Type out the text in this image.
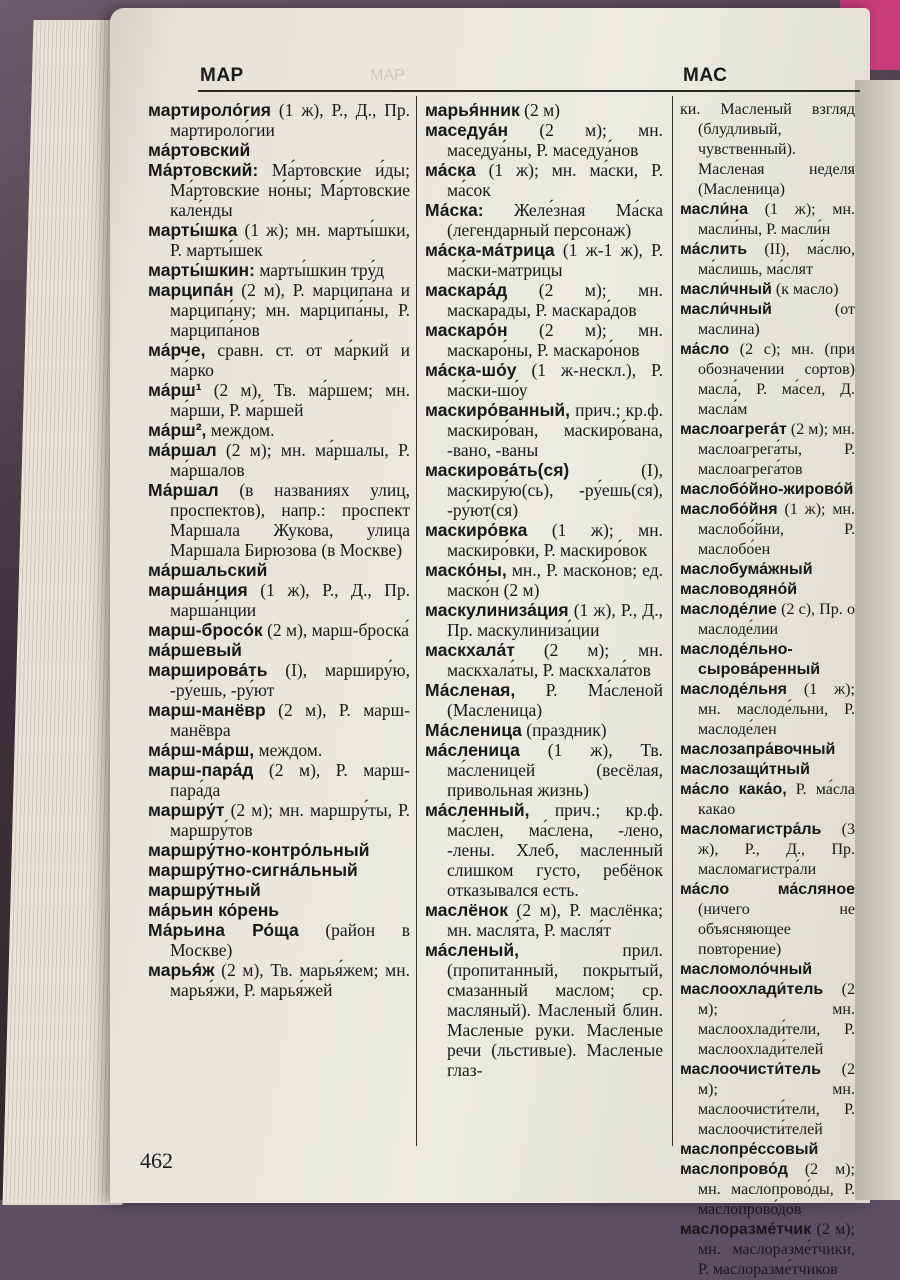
МАР	МАР	МАС

мартироло́гия (1 ж), Р., Д., Пр. мартироло́гии

ма́ртовский

Ма́ртовский: Ма́ртовские и́ды; Ма́ртовские но́ны; Ма́ртовские кале́нды

марты́шка (1 ж); мн. марты́шки, Р. марты́шек

марты́шкин: марты́шкин тру́д

марципа́н (2 м), Р. марципа́на и марципа́ну; мн. марципа́ны, Р. марципа́нов

ма́рче, сравн. ст. от ма́ркий и ма́рко

ма́рш¹ (2 м), Тв. ма́ршем; мн. ма́рши, Р. ма́ршей

ма́рш², междом.

ма́ршал (2 м); мн. ма́ршалы, Р. ма́ршалов

Ма́ршал (в названиях улиц, проспектов), напр.: проспект Маршала Жукова, улица Маршала Бирюзова (в Москве)

ма́ршальский

марша́нция (1 ж), Р., Д., Пр. марша́нции

марш-бросо́к (2 м), марш-броска́

ма́ршевый

марширова́ть (I), марширу́ю, -ру́ешь, -ру́ют

марш-манёвр (2 м), Р. марш-манёвра

ма́рш-ма́рш, междом.

марш-пара́д (2 м), Р. марш-пара́да

маршру́т (2 м); мн. маршру́ты, Р. маршру́тов

маршру́тно-контро́льный

маршру́тно-сигна́льный

маршру́тный

ма́рьин ко́рень

Ма́рьина Ро́ща (район в Москве)

марья́ж (2 м), Тв. марья́жем; мн. марья́жи, Р. марья́жей

марья́нник (2 м)

маседуа́н (2 м); мн. маседуа́ны, Р. маседуа́нов

ма́ска (1 ж); мн. ма́ски, Р. ма́сок

Ма́ска: Желе́зная Ма́ска (легендарный персонаж)

ма́ска-ма́трица (1 ж-1 ж), Р. ма́ски-ма́трицы

маскара́д (2 м); мн. маскара́ды, Р. маскара́дов

маскаро́н (2 м); мн. маскаро́ны, Р. маскаро́нов

ма́ска-шо́у (1 ж-нескл.), Р. ма́ски-шо́у

маскиро́ванный, прич.; кр.ф. маскиро́ван, маскиро́вана, -вано, -ваны

маскирова́ть(ся) (I), маскиру́ю(сь), -ру́ешь(ся), -ру́ют(ся)

маскиро́вка (1 ж); мн. маскиро́вки, Р. маскиро́вок

маско́ны, мн., Р. маско́нов; ед. маско́н (2 м)

маскулиниза́ция (1 ж), Р., Д., Пр. маскулиниза́ции

маскхала́т (2 м); мн. маскхала́ты, Р. маскхала́тов

Ма́сленая, Р. Ма́сленой (Масленица)

Ма́сленица (праздник)

ма́сленица (1 ж), Тв. ма́сленицей (весёлая, привольная жизнь)

ма́сленный, прич.; кр.ф. ма́слен, ма́слена, -лено, -лены. Хлеб, масленный слишком густо, ребёнок отказывался есть.

маслёнок (2 м), Р. маслёнка; мн. масля́та, Р. масля́т

ма́сленый, прил. (пропитанный, покрытый, смазанный маслом; ср. масляный). Масленый блин. Масленые руки. Масленые речи (льстивые). Масленые глаз-

ки. Масленый взгляд (блудливый, чувственный). Масленая неделя (Масленица)

масли́на (1 ж); мн. масли́ны, Р. масли́н

ма́слить (II), ма́слю, ма́слишь, ма́слят

масли́чный (к масло)

масли́чный (от маслина)

ма́сло (2 с); мн. (при обозначении сортов) масла́, Р. ма́сел, Д. масла́м

маслоагрега́т (2 м); мн. маслоагрега́ты, Р. маслоагрега́тов

маслобо́йно-жирово́й

маслобо́йня (1 ж); мн. маслобо́йни, Р. маслобо́ен

маслобума́жный

масловодяно́й

маслоде́лие (2 с), Пр. о маслоде́лии

маслоде́льно-сырова́ренный

маслоде́льня (1 ж); мн. маслоде́льни, Р. маслоде́лен

маслозапра́вочный

маслозащи́тный

ма́сло кака́о, Р. ма́сла какао

масломагистра́ль (3 ж), Р., Д., Пр. масломагистра́ли

ма́сло ма́сляное (ничего не объясняющее повторение)

масломоло́чный

маслоохлади́тель (2 м); мн. маслоохлади́тели, Р. маслоохлади́телей

маслоочисти́тель (2 м); мн. маслоочисти́тели, Р. маслоочисти́телей

маслопре́ссовый

маслопрово́д (2 м); мн. маслопрово́ды, Р. маслопрово́дов

маслоразме́тчик (2 м); мн. маслоразме́тчики, Р. маслоразме́тчиков

462
